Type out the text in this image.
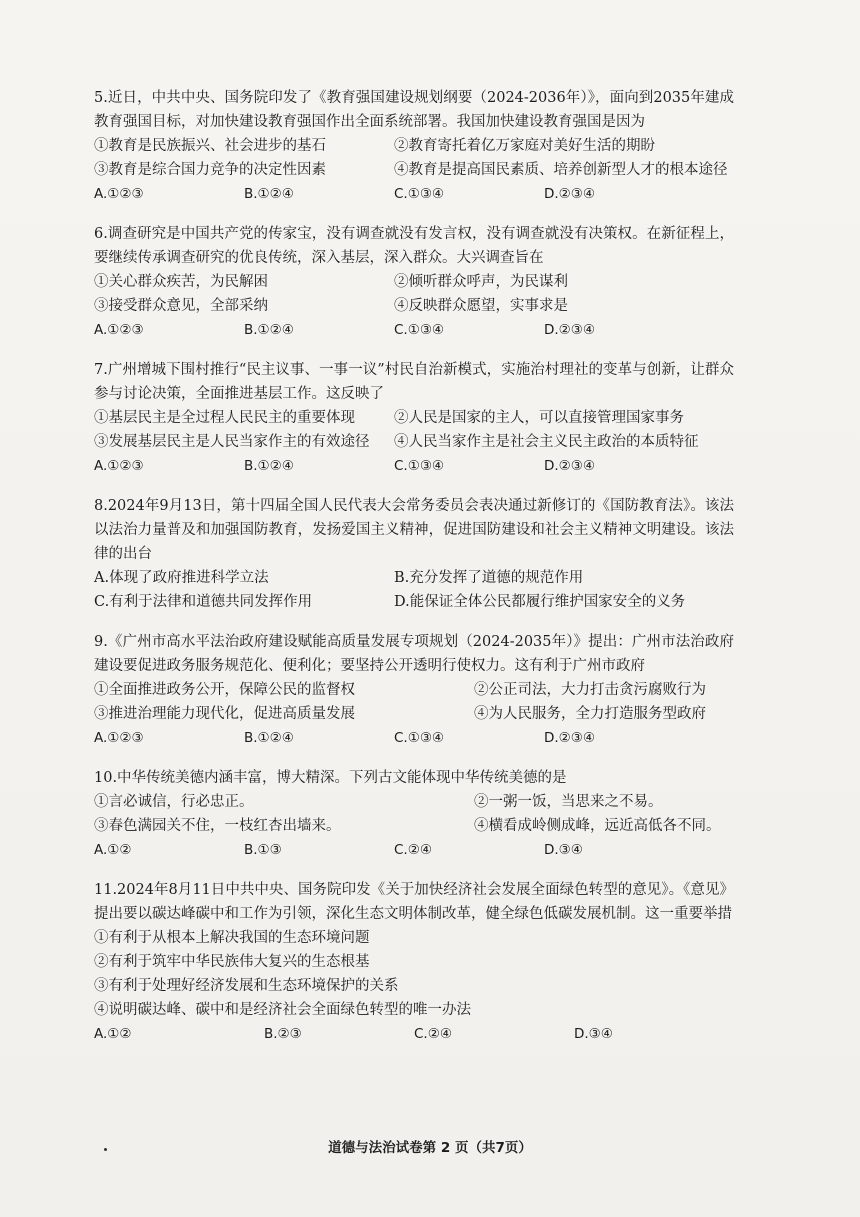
5.近日，中共中央、国务院印发了《教育强国建设规划纲要（2024-2036年）》，面向到2035年建成教育强国目标，对加快建设教育强国作出全面系统部署。我国加快建设教育强国是因为

①教育是民族振兴、社会进步的基石	②教育寄托着亿万家庭对美好生活的期盼
③教育是综合国力竞争的决定性因素	④教育是提高国民素质、培养创新型人才的根本途径
A.①②③	B.①②④	C.①③④	D.②③④

6.调查研究是中国共产党的传家宝，没有调查就没有发言权，没有调查就没有决策权。在新征程上，要继续传承调查研究的优良传统，深入基层，深入群众。大兴调查旨在

①关心群众疾苦，为民解困	②倾听群众呼声，为民谋利
③接受群众意见，全部采纳	④反映群众愿望，实事求是
A.①②③	B.①②④	C.①③④	D.②③④

7.广州增城下围村推行“民主议事、一事一议”村民自治新模式，实施治村理社的变革与创新，让群众参与讨论决策，全面推进基层工作。这反映了

①基层民主是全过程人民民主的重要体现	②人民是国家的主人，可以直接管理国家事务
③发展基层民主是人民当家作主的有效途径	④人民当家作主是社会主义民主政治的本质特征
A.①②③	B.①②④	C.①③④	D.②③④

8.2024年9月13日，第十四届全国人民代表大会常务委员会表决通过新修订的《国防教育法》。该法以法治力量普及和加强国防教育，发扬爱国主义精神，促进国防建设和社会主义精神文明建设。该法律的出台

A.体现了政府推进科学立法	B.充分发挥了道德的规范作用
C.有利于法律和道德共同发挥作用	D.能保证全体公民都履行维护国家安全的义务

9.《广州市高水平法治政府建设赋能高质量发展专项规划（2024-2035年）》提出：广州市法治政府建设要促进政务服务规范化、便利化；要坚持公开透明行使权力。这有利于广州市政府

①全面推进政务公开，保障公民的监督权	②公正司法，大力打击贪污腐败行为
③推进治理能力现代化，促进高质量发展	④为人民服务，全力打造服务型政府
A.①②③	B.①②④	C.①③④	D.②③④

10.中华传统美德内涵丰富，博大精深。下列古文能体现中华传统美德的是

①言必诚信，行必忠正。	②一粥一饭，当思来之不易。
③春色满园关不住，一枝红杏出墙来。	④横看成岭侧成峰，远近高低各不同。
A.①②	B.①③	C.②④	D.③④

11.2024年8月11日中共中央、国务院印发《关于加快经济社会发展全面绿色转型的意见》。《意见》提出要以碳达峰碳中和工作为引领，深化生态文明体制改革，健全绿色低碳发展机制。这一重要举措

①有利于从根本上解决我国的生态环境问题
②有利于筑牢中华民族伟大复兴的生态根基
③有利于处理好经济发展和生态环境保护的关系
④说明碳达峰、碳中和是经济社会全面绿色转型的唯一办法
A.①②	B.②③	C.②④	D.③④
道德与法治试卷第 2 页（共7页）
